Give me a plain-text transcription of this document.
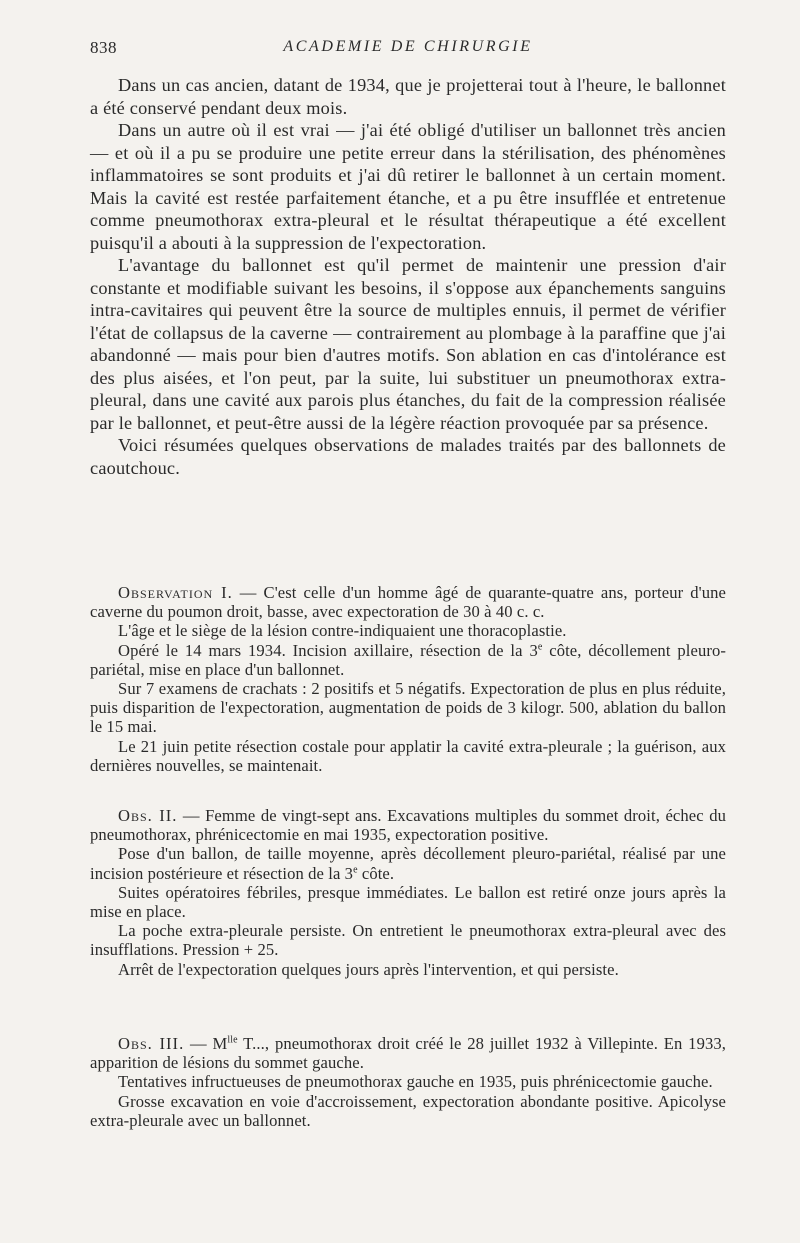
838	ACADEMIE DE CHIRURGIE

Dans un cas ancien, datant de 1934, que je projetterai tout à l'heure, le ballonnet a été conservé pendant deux mois.

Dans un autre où il est vrai — j'ai été obligé d'utiliser un ballonnet très ancien — et où il a pu se produire une petite erreur dans la stérilisation, des phénomènes inflammatoires se sont produits et j'ai dû retirer le ballonnet à un certain moment. Mais la cavité est restée parfaitement étanche, et a pu être insufflée et entretenue comme pneumothorax extra-pleural et le résultat thérapeutique a été excellent puisqu'il a abouti à la suppression de l'expectoration.

L'avantage du ballonnet est qu'il permet de maintenir une pression d'air constante et modifiable suivant les besoins, il s'oppose aux épanchements sanguins intra-cavitaires qui peuvent être la source de multiples ennuis, il permet de vérifier l'état de collapsus de la caverne — contrairement au plombage à la paraffine que j'ai abandonné — mais pour bien d'autres motifs. Son ablation en cas d'intolérance est des plus aisées, et l'on peut, par la suite, lui substituer un pneumothorax extra-pleural, dans une cavité aux parois plus étanches, du fait de la compression réalisée par le ballonnet, et peut-être aussi de la légère réaction provoquée par sa présence.

Voici résumées quelques observations de malades traités par des ballonnets de caoutchouc.

Observation I. — C'est celle d'un homme âgé de quarante-quatre ans, porteur d'une caverne du poumon droit, basse, avec expectoration de 30 à 40 c. c.

L'âge et le siège de la lésion contre-indiquaient une thoracoplastie.

Opéré le 14 mars 1934. Incision axillaire, résection de la 3e côte, décollement pleuro-pariétal, mise en place d'un ballonnet.

Sur 7 examens de crachats : 2 positifs et 5 négatifs. Expectoration de plus en plus réduite, puis disparition de l'expectoration, augmentation de poids de 3 kilogr. 500, ablation du ballon le 15 mai.

Le 21 juin petite résection costale pour applatir la cavité extra-pleurale ; la guérison, aux dernières nouvelles, se maintenait.

Obs. II. — Femme de vingt-sept ans. Excavations multiples du sommet droit, échec du pneumothorax, phrénicectomie en mai 1935, expectoration positive.

Pose d'un ballon, de taille moyenne, après décollement pleuro-pariétal, réalisé par une incision postérieure et résection de la 3e côte.

Suites opératoires fébriles, presque immédiates. Le ballon est retiré onze jours après la mise en place.

La poche extra-pleurale persiste. On entretient le pneumothorax extra-pleural avec des insufflations. Pression + 25.

Arrêt de l'expectoration quelques jours après l'intervention, et qui persiste.

Obs. III. — $M^{lle}$ T..., pneumothorax droit créé le 28 juillet 1932 à Villepinte. En 1933, apparition de lésions du sommet gauche.

Tentatives infructueuses de pneumothorax gauche en 1935, puis phrénicectomie gauche.

Grosse excavation en voie d'accroissement, expectoration abondante positive. Apicolyse extra-pleurale avec un ballonnet.
